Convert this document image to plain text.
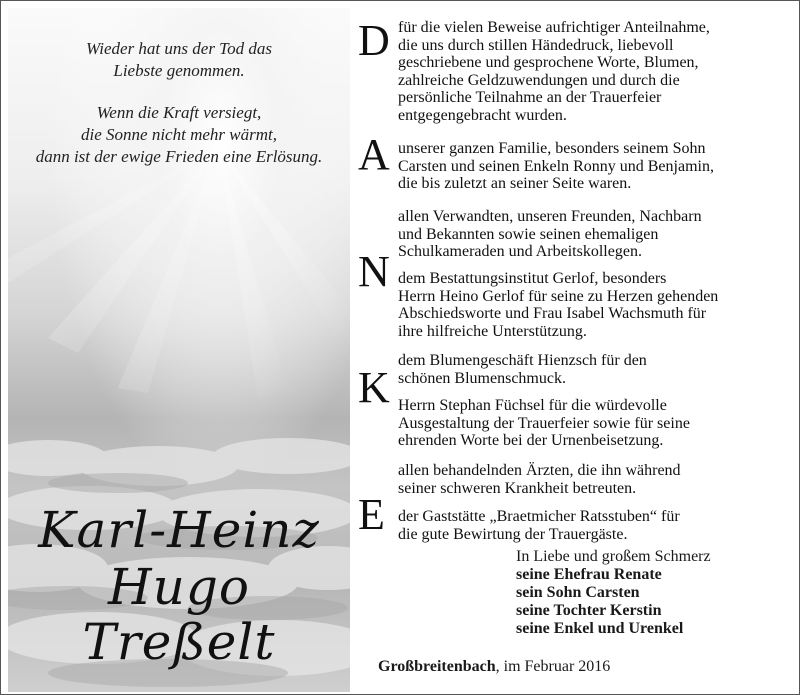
Wieder hat uns der Tod das
Liebste genommen.
Wenn die Kraft versiegt,
die Sonne nicht mehr wärmt,
dann ist der ewige Frieden eine Erlösung.
Karl-Heinz
Hugo
Treßelt
D
A
N
K
E
für die vielen Beweise aufrichtiger Anteilnahme,
die uns durch stillen Händedruck, liebevoll
geschriebene und gesprochene Worte, Blumen,
zahlreiche Geldzuwendungen und durch die
persönliche Teilnahme an der Trauerfeier
entgegengebracht wurden.
unserer ganzen Familie, besonders seinem Sohn
Carsten und seinen Enkeln Ronny und Benjamin,
die bis zuletzt an seiner Seite waren.
allen Verwandten, unseren Freunden, Nachbarn
und Bekannten sowie seinen ehemaligen
Schulkameraden und Arbeitskollegen.
dem Bestattungsinstitut Gerlof, besonders
Herrn Heino Gerlof für seine zu Herzen gehenden
Abschiedsworte und Frau Isabel Wachsmuth für
ihre hilfreiche Unterstützung.
dem Blumengeschäft Hienzsch für den
schönen Blumenschmuck.
Herrn Stephan Füchsel für die würdevolle
Ausgestaltung der Trauerfeier sowie für seine
ehrenden Worte bei der Urnenbeisetzung.
allen behandelnden Ärzten, die ihn während
seiner schweren Krankheit betreuten.
der Gaststätte „Braetmicher Ratsstuben“ für
die gute Bewirtung der Trauergäste.
In Liebe und großem Schmerz
seine Ehefrau Renate
sein Sohn Carsten
seine Tochter Kerstin
seine Enkel und Urenkel
Großbreitenbach, im Februar 2016
